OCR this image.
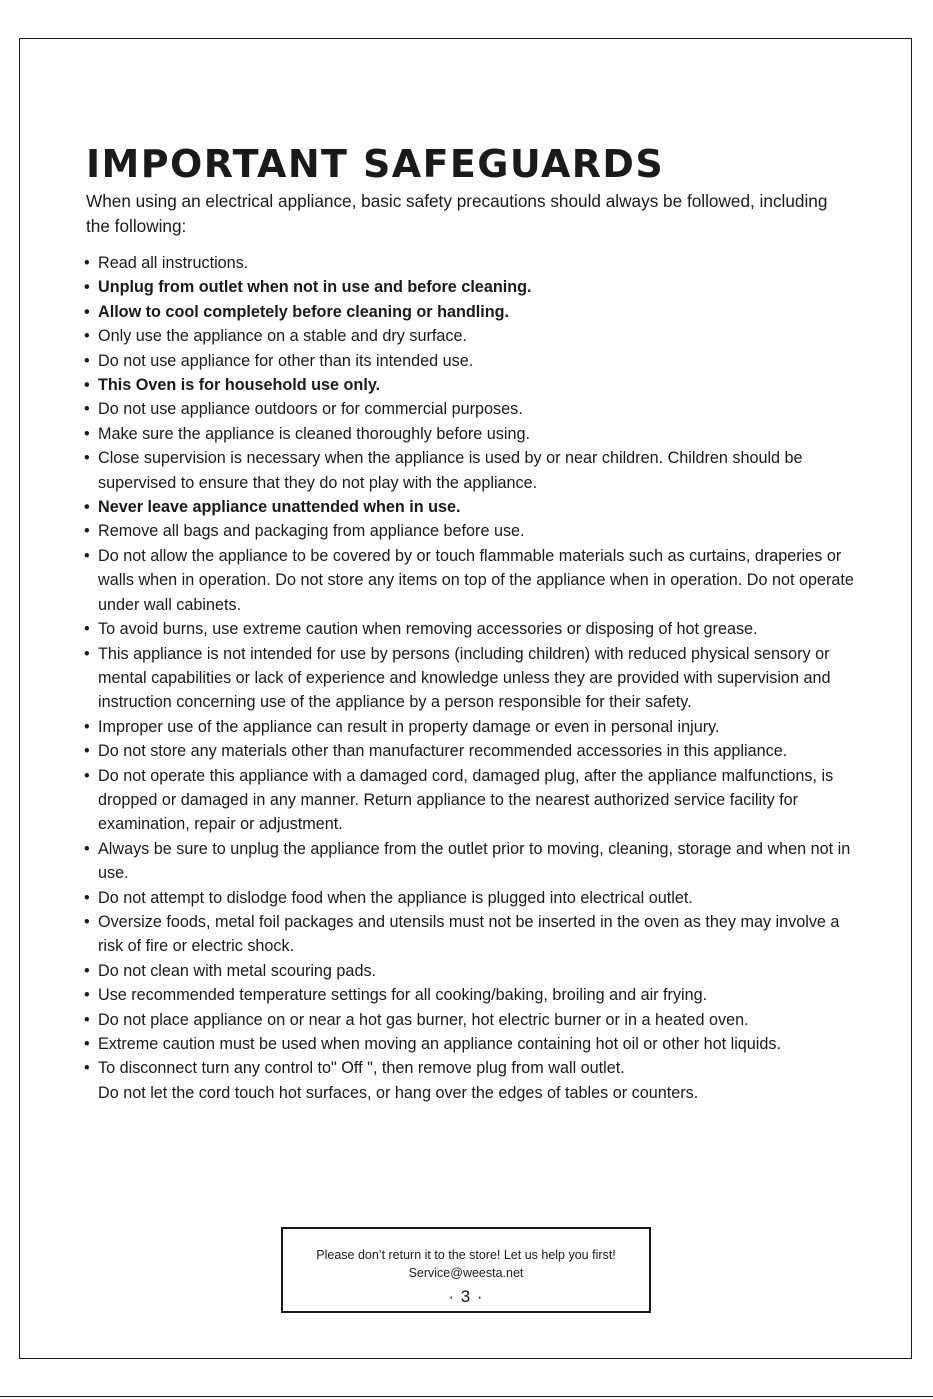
IMPORTANT SAFEGUARDS

When using an electrical appliance, basic safety precautions should always be followed, including the following:

• Read all instructions.
• Unplug from outlet when not in use and before cleaning.
• Allow to cool completely before cleaning or handling.
• Only use the appliance on a stable and dry surface.
• Do not use appliance for other than its intended use.
• This Oven is for household use only.
• Do not use appliance outdoors or for commercial purposes.
• Make sure the appliance is cleaned thoroughly before using.
• Close supervision is necessary when the appliance is used by or near children. Children should be supervised to ensure that they do not play with the appliance.
• Never leave appliance unattended when in use.
• Remove all bags and packaging from appliance before use.
• Do not allow the appliance to be covered by or touch flammable materials such as curtains, draperies or walls when in operation. Do not store any items on top of the appliance when in operation. Do not operate under wall cabinets.
• To avoid burns, use extreme caution when removing accessories or disposing of hot grease.
• This appliance is not intended for use by persons (including children) with reduced physical sensory or mental capabilities or lack of experience and knowledge unless they are provided with supervision and instruction concerning use of the appliance by a person responsible for their safety.
• Improper use of the appliance can result in property damage or even in personal injury.
• Do not store any materials other than manufacturer recommended accessories in this appliance.
• Do not operate this appliance with a damaged cord, damaged plug, after the appliance malfunctions, is dropped or damaged in any manner. Return appliance to the nearest authorized service facility for examination, repair or adjustment.
• Always be sure to unplug the appliance from the outlet prior to moving, cleaning, storage and when not in use.
• Do not attempt to dislodge food when the appliance is plugged into electrical outlet.
• Oversize foods, metal foil packages and utensils must not be inserted in the oven as they may involve a risk of fire or electric shock.
• Do not clean with metal scouring pads.
• Use recommended temperature settings for all cooking/baking, broiling and air frying.
• Do not place appliance on or near a hot gas burner, hot electric burner or in a heated oven.
• Extreme caution must be used when moving an appliance containing hot oil or other hot liquids.
• To disconnect turn any control to" Off ", then remove plug from wall outlet.
Do not let the cord touch hot surfaces, or hang over the edges of tables or counters.
Please don’t return it to the store! Let us help you first!
Service@weesta.net
· 3 ·
